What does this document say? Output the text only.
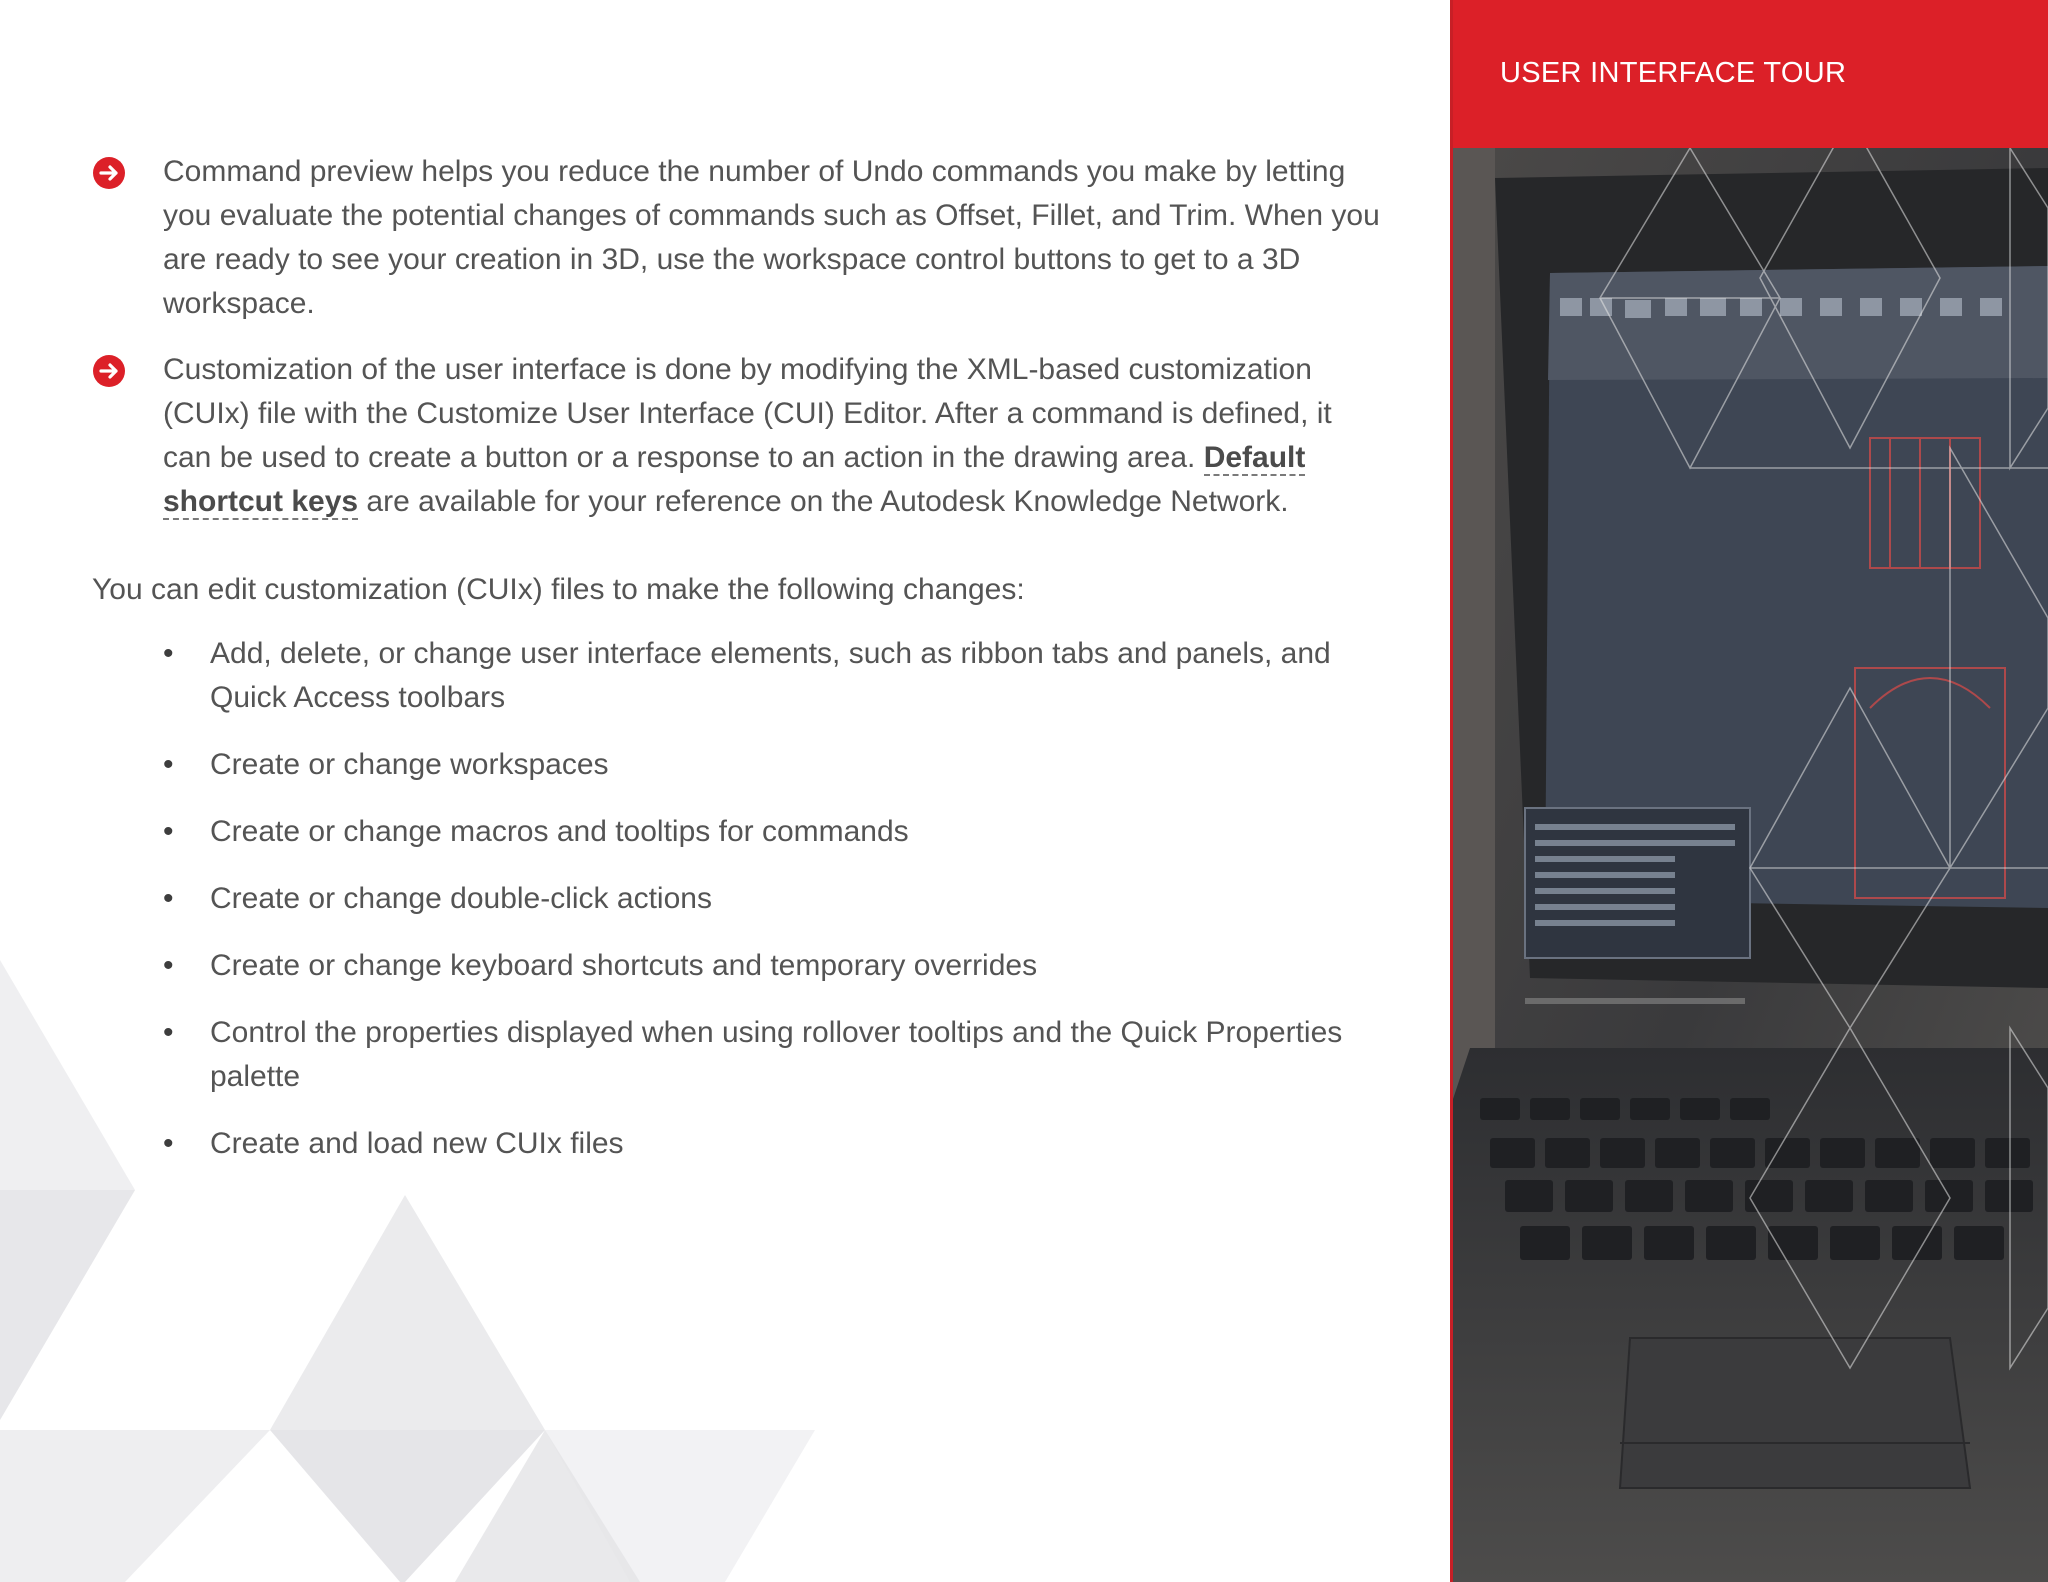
Command preview helps you reduce the number of Undo commands you make by letting you evaluate the potential changes of commands such as Offset, Fillet, and Trim. When you are ready to see your creation in 3D, use the workspace control buttons to get to a 3D workspace.

Customization of the user interface is done by modifying the XML-based customization (CUIx) file with the Customize User Interface (CUI) Editor. After a command is defined, it can be used to create a button or a response to an action in the drawing area. Default shortcut keys are available for your reference on the Autodesk Knowledge Network.

You can edit customization (CUIx) files to make the following changes:

• Add, delete, or change user interface elements, such as ribbon tabs and panels, and Quick Access toolbars
• Create or change workspaces
• Create or change macros and tooltips for commands
• Create or change double-click actions
• Create or change keyboard shortcuts and temporary overrides
• Control the properties displayed when using rollover tooltips and the Quick Properties palette
• Create and load new CUIx files
USER INTERFACE TOUR
